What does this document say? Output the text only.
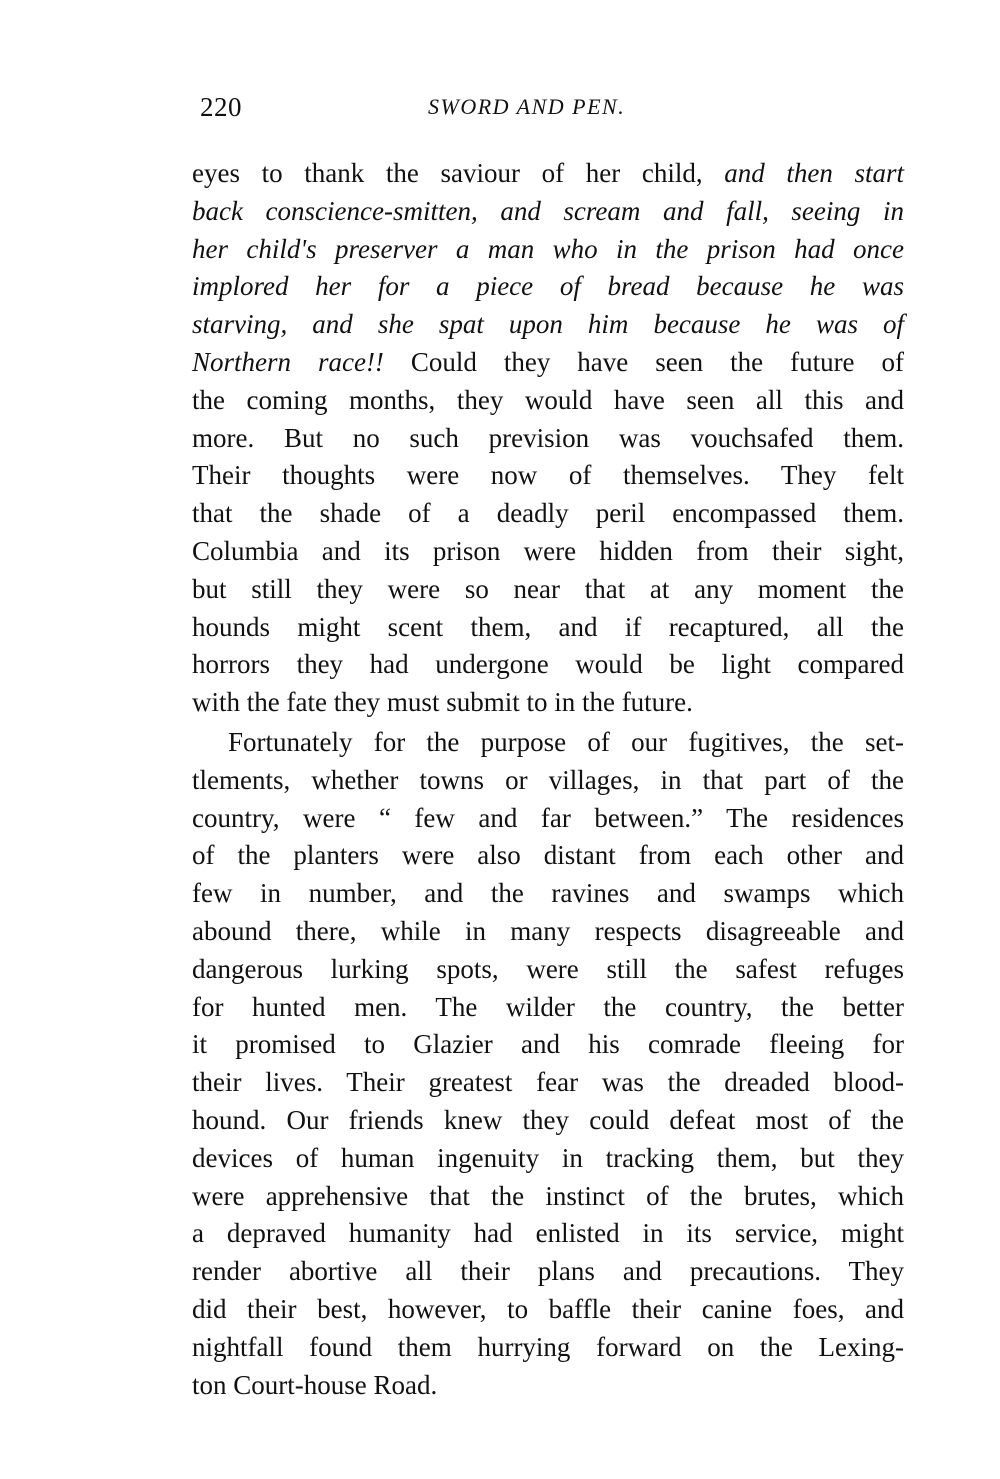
220	SWORD AND PEN.
eyes to thank the saviour of her child, and then start
back conscience-smitten, and scream and fall, seeing in
her child's preserver a man who in the prison had once
implored her for a piece of bread because he was
starving, and she spat upon him because he was of
Northern race!! Could they have seen the future of
the coming months, they would have seen all this and
more. But no such prevision was vouchsafed them.
Their thoughts were now of themselves. They felt
that the shade of a deadly peril encompassed them.
Columbia and its prison were hidden from their sight,
but still they were so near that at any moment the
hounds might scent them, and if recaptured, all the
horrors they had undergone would be light compared
with the fate they must submit to in the future.
Fortunately for the purpose of our fugitives, the set-
tlements, whether towns or villages, in that part of the
country, were “ few and far between.” The residences
of the planters were also distant from each other and
few in number, and the ravines and swamps which
abound there, while in many respects disagreeable and
dangerous lurking spots, were still the safest refuges
for hunted men. The wilder the country, the better
it promised to Glazier and his comrade fleeing for
their lives. Their greatest fear was the dreaded blood-
hound. Our friends knew they could defeat most of the
devices of human ingenuity in tracking them, but they
were apprehensive that the instinct of the brutes, which
a depraved humanity had enlisted in its service, might
render abortive all their plans and precautions. They
did their best, however, to baffle their canine foes, and
nightfall found them hurrying forward on the Lexing-
ton Court-house Road.
